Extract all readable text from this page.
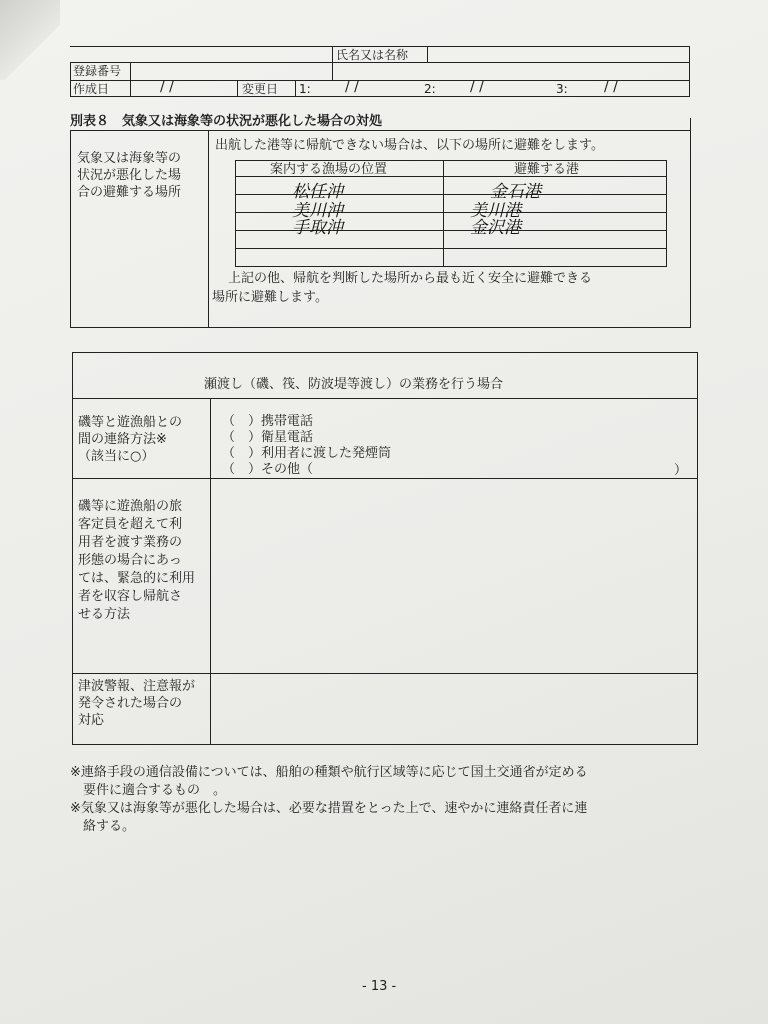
登録番号
氏名又は名称
作成日	/ /	変更日 1: / /	2: / /	3:	/ /
別表８　気象又は海象等の状況が悪化した場合の対処
気象又は海象等の
状況が悪化した場
合の避難する場所
出航した港等に帰航できない場合は、以下の場所に避難をします。
案内する漁場の位置	避難する港
松任沖	金石港
美川沖	美川港
手取沖	金沢港
上記の他、帰航を判断した場所から最も近く安全に避難できる
場所に避難します。
瀬渡し（磯、筏、防波堤等渡し）の業務を行う場合
磯等と遊漁船との
間の連絡方法※
（該当に○）
（　）携帯電話
（　）衛星電話
（　）利用者に渡した発煙筒
（　）その他（	）
磯等に遊漁船の旅
客定員を超えて利
用者を渡す業務の
形態の場合にあっ
ては、緊急的に利用
者を収容し帰航さ
せる方法
津波警報、注意報が
発令された場合の
対応
※連絡手段の通信設備については、船舶の種類や航行区域等に応じて国土交通省が定める
　要件に適合するもの　。
※気象又は海象等が悪化した場合は、必要な措置をとった上で、速やかに連絡責任者に連
　絡する。
- 13 -
